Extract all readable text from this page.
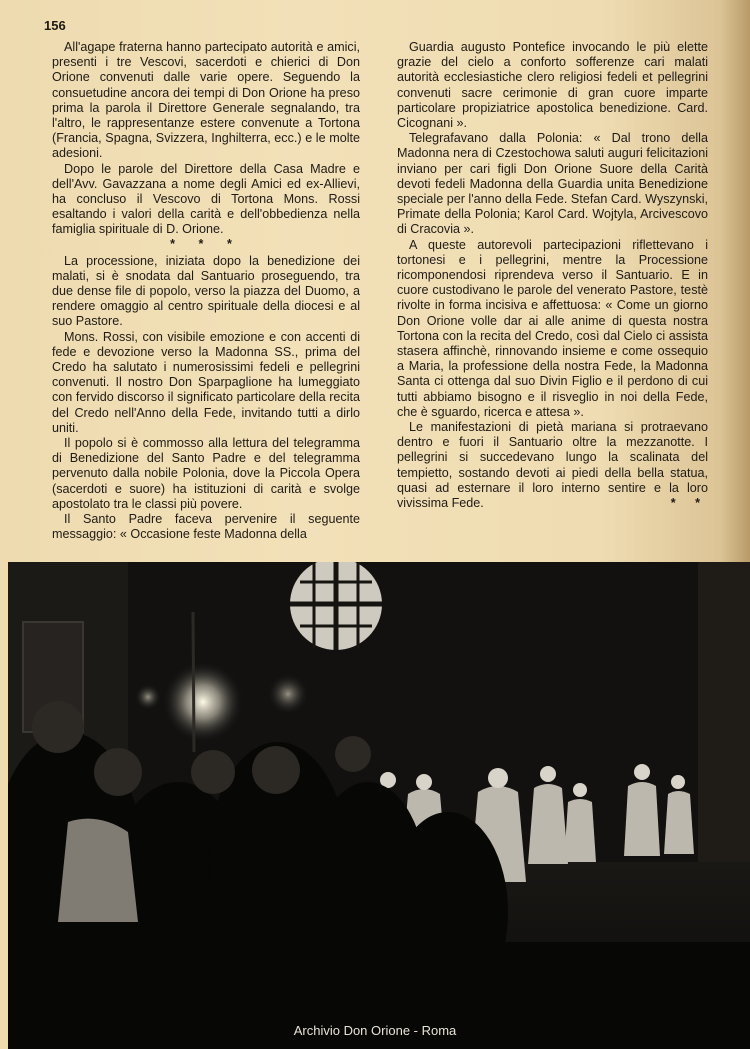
156

All'agape fraterna hanno partecipato autorità e amici, presenti i tre Vescovi, sacerdoti e chierici di Don Orione convenuti dalle varie opere. Seguendo la consuetudine ancora dei tempi di Don Orione ha preso prima la parola il Direttore Generale segnalando, tra l'altro, le rappresentanze estere convenute a Tortona (Francia, Spagna, Svizzera, Inghilterra, ecc.) e le molte adesioni.

Dopo le parole del Direttore della Casa Madre e dell'Avv. Gavazzana a nome degli Amici ed ex-Allievi, ha concluso il Vescovo di Tortona Mons. Rossi esaltando i valori della carità e dell'obbedienza nella famiglia spirituale di D. Orione.

* * *

La processione, iniziata dopo la benedizione dei malati, si è snodata dal Santuario proseguendo, tra due dense file di popolo, verso la piazza del Duomo, a rendere omaggio al centro spirituale della diocesi e al suo Pastore.

Mons. Rossi, con visibile emozione e con accenti di fede e devozione verso la Madonna SS., prima del Credo ha salutato i numerosissimi fedeli e pellegrini convenuti. Il nostro Don Sparpaglione ha lumeggiato con fervido discorso il significato particolare della recita del Credo nell'Anno della Fede, invitando tutti a dirlo uniti.

Il popolo si è commosso alla lettura del telegramma di Benedizione del Santo Padre e del telegramma pervenuto dalla nobile Polonia, dove la Piccola Opera (sacerdoti e suore) ha istituzioni di carità e svolge apostolato tra le classi più povere.

Il Santo Padre faceva pervenire il seguente messaggio: « Occasione feste Madonna della

Guardia augusto Pontefice invocando le più elette grazie del cielo a conforto sofferenze cari malati autorità ecclesiastiche clero religiosi fedeli et pellegrini convenuti sacre cerimonie di gran cuore imparte particolare propiziatrice apostolica benedizione. Card. Cicognani ».

Telegrafavano dalla Polonia: « Dal trono della Madonna nera di Czestochowa saluti auguri felicitazioni inviano per cari figli Don Orione Suore della Carità devoti fedeli Madonna della Guardia unita Benedizione speciale per l'anno della Fede. Stefan Card. Wyszynski, Primate della Polonia; Karol Card. Wojtyla, Arcivescovo di Cracovia ».

A queste autorevoli partecipazioni riflettevano i tortonesi e i pellegrini, mentre la Processione ricomponendosi riprendeva verso il Santuario. E in cuore custodivano le parole del venerato Pastore, testè rivolte in forma incisiva e affettuosa: « Come un giorno Don Orione volle dar ai alle anime di questa nostra Tortona con la recita del Credo, così dal Cielo ci assista stasera affinchè, rinnovando insieme e come ossequio a Maria, la professione della nostra Fede, la Madonna Santa ci ottenga dal suo Divin Figlio e il perdono di cui tutti abbiamo bisogno e il risveglio in noi della Fede, che è sguardo, ricerca e attesa ».

Le manifestazioni di pietà mariana si protraevano dentro e fuori il Santuario oltre la mezzanotte. I pellegrini si succedevano lungo la scalinata del tempietto, sostando devoti ai piedi della bella statua, quasi ad esternare il loro interno sentire e la loro vivissima Fede.	* *

Archivio Don Orione - Roma
